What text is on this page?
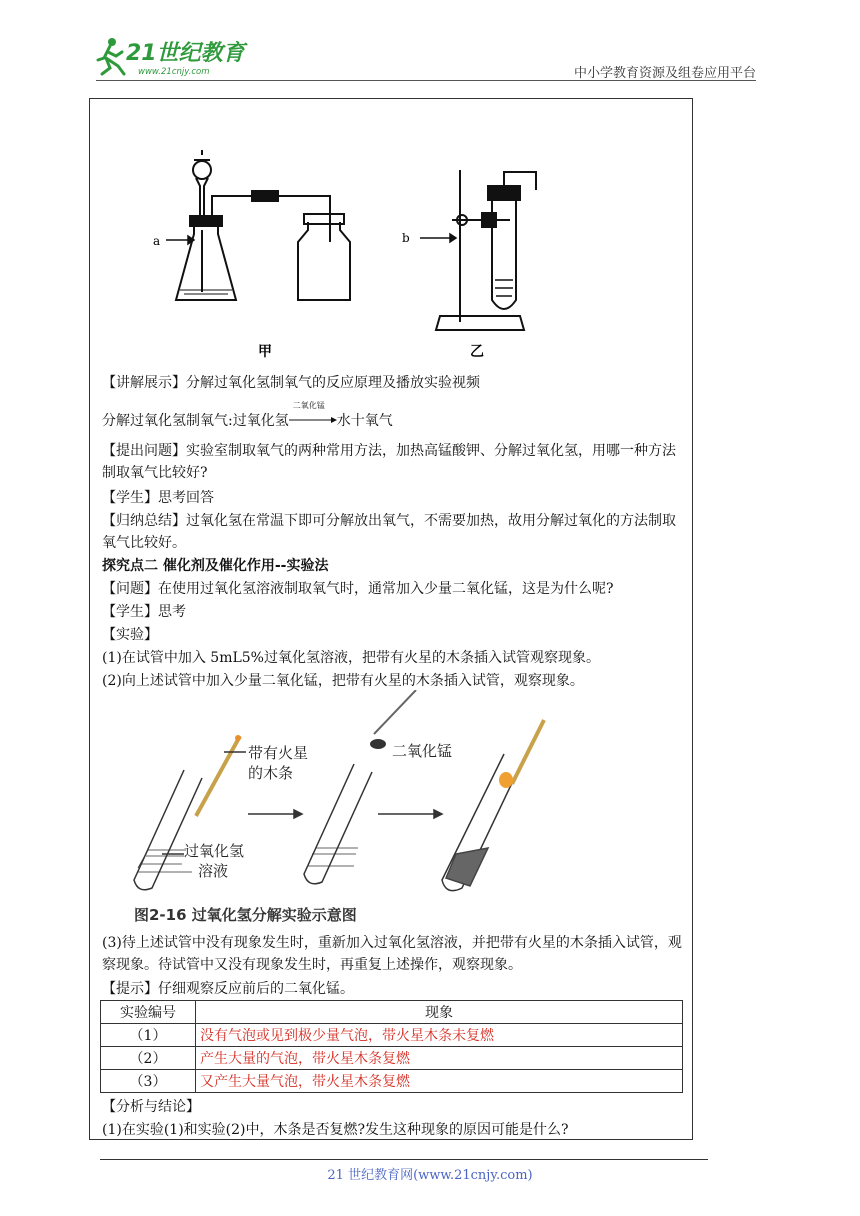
21世纪教育
www.21cnjy.com	中小学教育资源及组卷应用平台
a	b
甲	乙
【讲解展示】分解过氧化氢制氧气的反应原理及播放实验视频
分解过氧化氢制氧气:过氧化氢
二氧化锰
水十氧气
【提出问题】实验室制取氧气的两种常用方法，加热高锰酸钾、分解过氧化氢，用哪一种方法制取氧气比较好?
【学生】思考回答
【归纳总结】过氧化氢在常温下即可分解放出氧气，不需要加热，故用分解过氧化的方法制取氧气比较好。
探究点二 催化剂及催化作用--实验法
【问题】在使用过氧化氢溶液制取氧气时，通常加入少量二氧化锰，这是为什么呢?
【学生】思考
【实验】
(1)在试管中加入 5mL5%过氧化氢溶液，把带有火星的木条插入试管观察现象。
(2)向上述试管中加入少量二氧化锰，把带有火星的木条插入试管，观察现象。
带有火星
的木条
过氧化氢
溶液
二氧化锰
图2-16 过氧化氢分解实验示意图
(3)待上述试管中没有现象发生时，重新加入过氧化氢溶液，并把带有火星的木条插入试管，观察现象。待试管中又没有现象发生时，再重复上述操作，观察现象。
【提示】仔细观察反应前后的二氧化锰。
实验编号	现象
（1）	没有气泡或见到极少量气泡，带火星木条未复燃
（2）	产生大量的气泡，带火星木条复燃
（3）	又产生大量气泡，带火星木条复燃
【分析与结论】
(1)在实验(1)和实验(2)中，木条是否复燃?发生这种现象的原因可能是什么?
21 世纪教育网(www.21cnjy.com)
